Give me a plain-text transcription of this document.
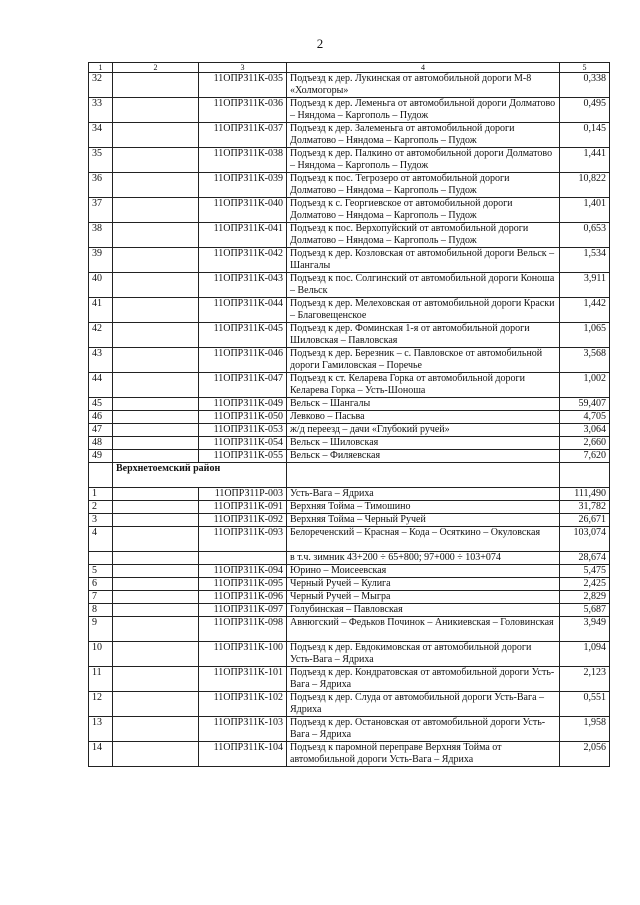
2
1	2	3	4	5
32		11ОПРЗ11К-035	Подъезд к дер. Лукинская от автомобильной дороги М-8 «Холмогоры»	0,338
33		11ОПРЗ11К-036	Подъезд к дер. Леменьга от автомобильной дороги Долматово – Няндома – Каргополь – Пудож	0,495
34		11ОПРЗ11К-037	Подъезд к дер. Залеменьга от автомобильной дороги Долматово – Няндома – Каргополь – Пудож	0,145
35		11ОПРЗ11К-038	Подъезд к дер. Палкино от автомобильной дороги Долматово – Няндома – Каргополь – Пудож	1,441
36		11ОПРЗ11К-039	Подъезд к пос. Тегрозеро от автомобильной дороги Долматово – Няндома – Каргополь – Пудож	10,822
37		11ОПРЗ11К-040	Подъезд к с. Георгиевское от автомобильной дороги Долматово – Няндома – Каргополь – Пудож	1,401
38		11ОПРЗ11К-041	Подъезд к пос. Верхопуйский от автомобильной дороги Долматово – Няндома – Каргополь – Пудож	0,653
39		11ОПРЗ11К-042	Подъезд к дер. Козловская от автомобильной дороги Вельск – Шангалы	1,534
40		11ОПРЗ11К-043	Подъезд к пос. Солгинский от автомобильной дороги Коноша – Вельск	3,911
41		11ОПРЗ11К-044	Подъезд к дер. Мелеховская от автомобильной дороги Краски – Благовещенское	1,442
42		11ОПРЗ11К-045	Подъезд к дер. Фоминская 1-я от автомобильной дороги Шиловская – Павловская	1,065
43		11ОПРЗ11К-046	Подъезд к дер. Березник – с. Павловское от автомобильной дороги Гамиловская – Поречье	3,568
44		11ОПРЗ11К-047	Подъезд к ст. Келарева Горка от автомобильной дороги Келарева Горка – Усть-Шоноша	1,002
45		11ОПРЗ11К-049	Вельск – Шангалы	59,407
46		11ОПРЗ11К-050	Левково – Пасьва	4,705
47		11ОПРЗ11К-053	ж/д переезд – дачи «Глубокий ручей»	3,064
48		11ОПРЗ11К-054	Вельск – Шиловская	2,660
49		11ОПРЗ11К-055	Вельск – Филяевская	7,620
	Верхнетоемский район			
1		11ОПРЗ11Р-003	Усть-Вага – Ядриха	111,490
2		11ОПРЗ11К-091	Верхняя Тойма – Тимошино	31,782
3		11ОПРЗ11К-092	Верхняя Тойма – Черный Ручей	26,671
4		11ОПРЗ11К-093	Белореченский – Красная – Кода – Осяткино – Окуловская	103,074
			в т.ч. зимник 43+200 ÷ 65+800; 97+000 ÷ 103+074	28,674
5		11ОПРЗ11К-094	Юрино – Моисеевская	5,475
6		11ОПРЗ11К-095	Черный Ручей – Кулига	2,425
7		11ОПРЗ11К-096	Черный Ручей – Мыгра	2,829
8		11ОПРЗ11К-097	Голубинская – Павловская	5,687
9		11ОПРЗ11К-098	Авнюгский – Федьков Починок – Аникиевская – Головинская	3,949
10		11ОПРЗ11К-100	Подъезд к дер. Евдокимовская от автомобильной дороги Усть-Вага – Ядриха	1,094
11		11ОПРЗ11К-101	Подъезд к дер. Кондратовская от автомобильной дороги Усть-Вага – Ядриха	2,123
12		11ОПРЗ11К-102	Подъезд к дер. Слуда от автомобильной дороги Усть-Вага – Ядриха	0,551
13		11ОПРЗ11К-103	Подъезд к дер. Остановская от автомобильной дороги Усть-Вага – Ядриха	1,958
14		11ОПРЗ11К-104	Подъезд к паромной переправе Верхняя Тойма от автомобильной дороги Усть-Вага – Ядриха	2,056
